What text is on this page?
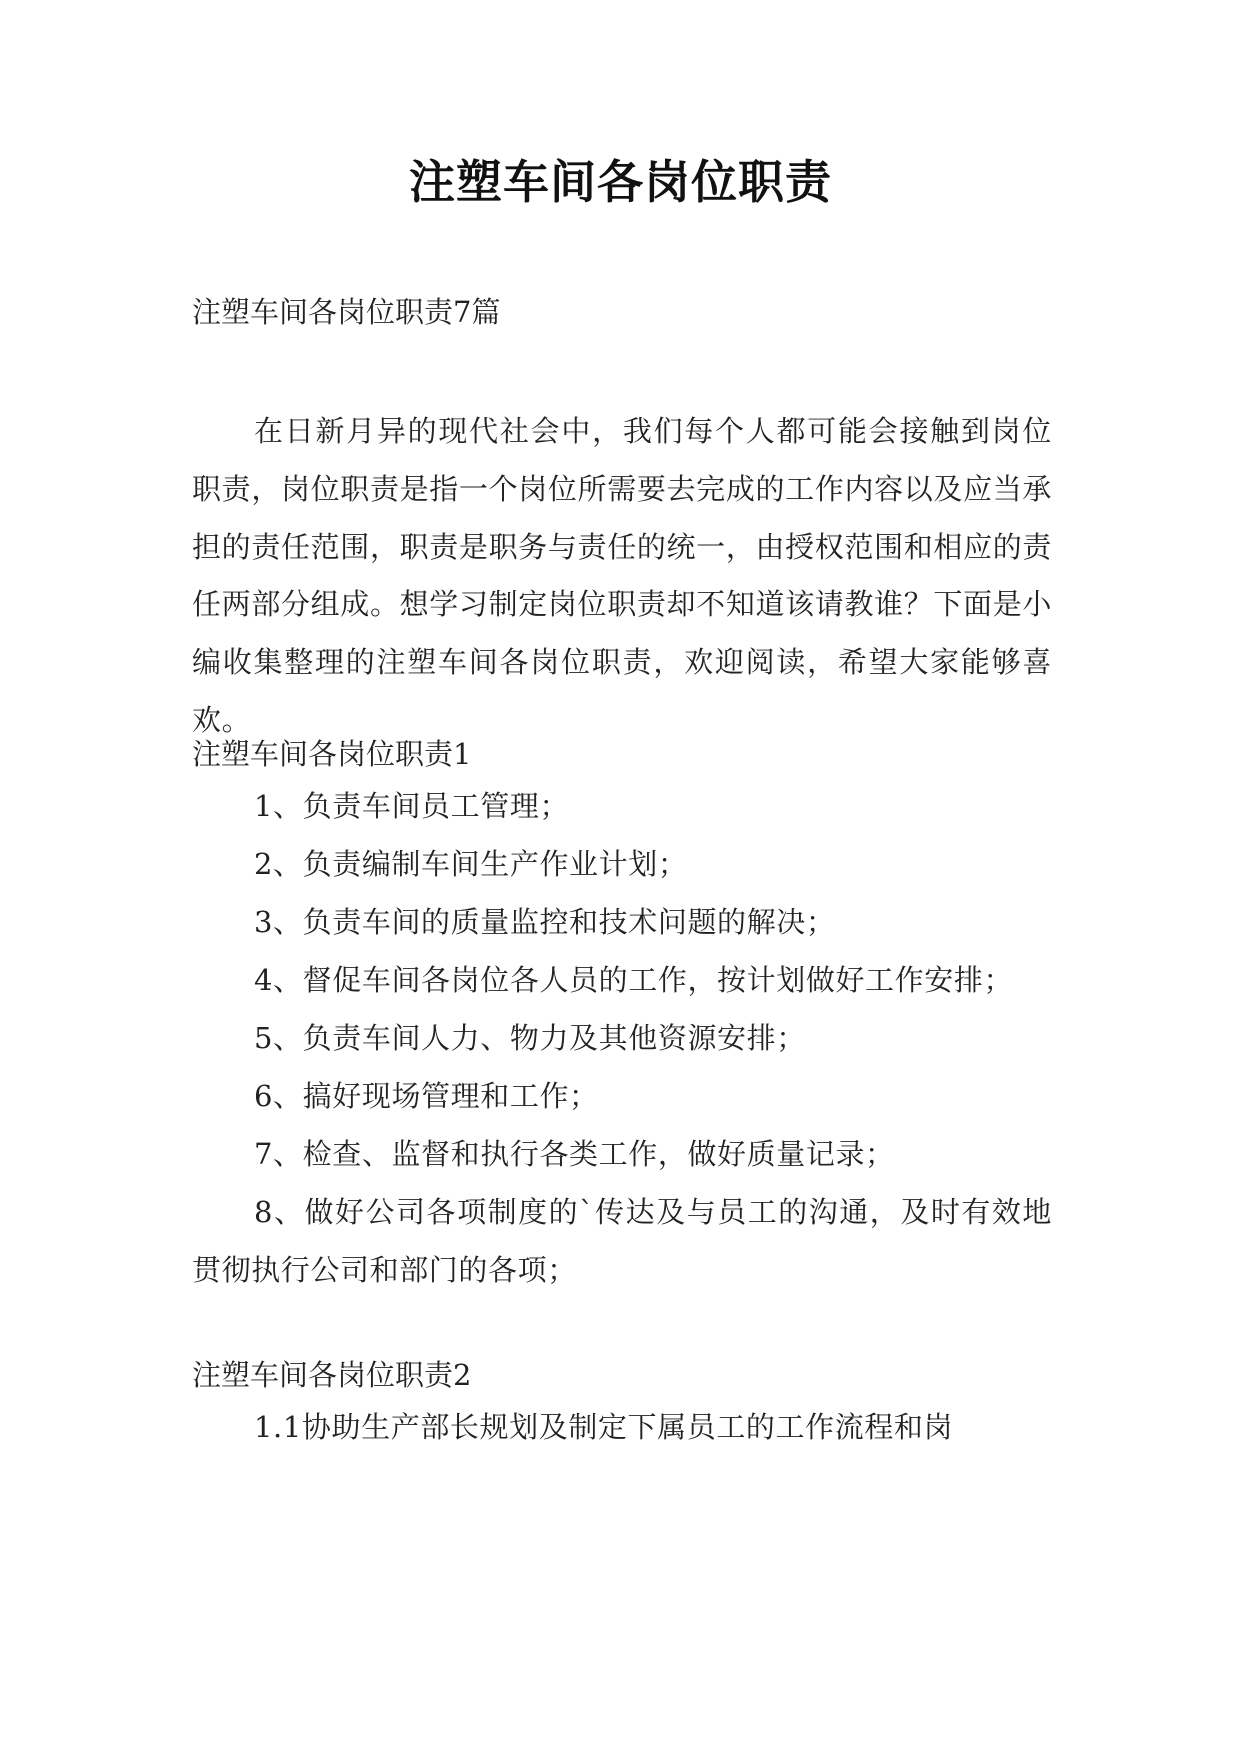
注塑车间各岗位职责
注塑车间各岗位职责7篇

在日新月异的现代社会中，我们每个人都可能会接触到岗位职责，岗位职责是指一个岗位所需要去完成的工作内容以及应当承担的责任范围，职责是职务与责任的统一，由授权范围和相应的责任两部分组成。想学习制定岗位职责却不知道该请教谁？下面是小编收集整理的注塑车间各岗位职责，欢迎阅读，希望大家能够喜欢。

注塑车间各岗位职责1
1、负责车间员工管理；
2、负责编制车间生产作业计划；
3、负责车间的质量监控和技术问题的解决；
4、督促车间各岗位各人员的工作，按计划做好工作安排；
5、负责车间人力、物力及其他资源安排；
6、搞好现场管理和工作；
7、检查、监督和执行各类工作，做好质量记录；
8、做好公司各项制度的`传达及与员工的沟通，及时有效地贯彻执行公司和部门的各项；
注塑车间各岗位职责2
1.1协助生产部长规划及制定下属员工的工作流程和岗
